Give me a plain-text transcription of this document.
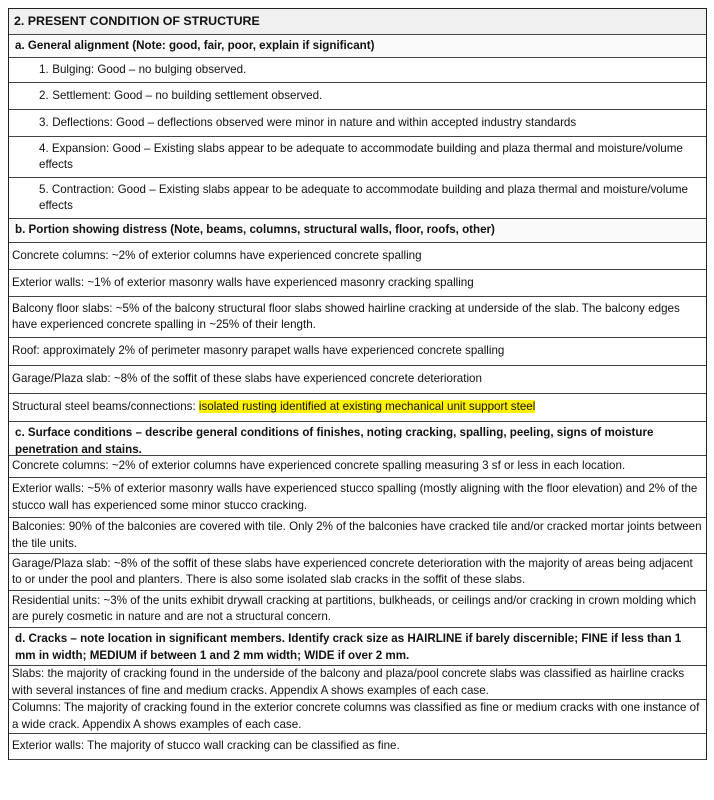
2. PRESENT CONDITION OF STRUCTURE
a. General alignment (Note: good, fair, poor, explain if significant)
1. Bulging: Good – no bulging observed.
2. Settlement: Good – no building settlement observed.
3. Deflections: Good – deflections observed were minor in nature and within accepted industry standards
4. Expansion: Good – Existing slabs appear to be adequate to accommodate building and plaza thermal and moisture/volume effects
5. Contraction: Good – Existing slabs appear to be adequate to accommodate building and plaza thermal and moisture/volume effects
b. Portion showing distress (Note, beams, columns, structural walls, floor, roofs, other)
Concrete columns: ~2% of exterior columns have experienced concrete spalling
Exterior walls: ~1% of exterior masonry walls have experienced masonry cracking spalling
Balcony floor slabs: ~5% of the balcony structural floor slabs showed hairline cracking at underside of the slab. The balcony edges have experienced concrete spalling in ~25% of their length.
Roof: approximately 2% of perimeter masonry parapet walls have experienced concrete spalling
Garage/Plaza slab: ~8% of the soffit of these slabs have experienced concrete deterioration
Structural steel beams/connections: isolated rusting identified at existing mechanical unit support steel
c. Surface conditions – describe general conditions of finishes, noting cracking, spalling, peeling, signs of moisture penetration and stains.
Concrete columns: ~2% of exterior columns have experienced concrete spalling measuring 3 sf or less in each location.
Exterior walls: ~5% of exterior masonry walls have experienced stucco spalling (mostly aligning with the floor elevation) and 2% of the stucco wall has experienced some minor stucco cracking.
Balconies: 90% of the balconies are covered with tile. Only 2% of the balconies have cracked tile and/or cracked mortar joints between the tile units.
Garage/Plaza slab: ~8% of the soffit of these slabs have experienced concrete deterioration with the majority of areas being adjacent to or under the pool and planters. There is also some isolated slab cracks in the soffit of these slabs.
Residential units: ~3% of the units exhibit drywall cracking at partitions, bulkheads, or ceilings and/or cracking in crown molding which are purely cosmetic in nature and are not a structural concern.
d. Cracks – note location in significant members. Identify crack size as HAIRLINE if barely discernible; FINE if less than 1 mm in width; MEDIUM if between 1 and 2 mm width; WIDE if over 2 mm.
Slabs: the majority of cracking found in the underside of the balcony and plaza/pool concrete slabs was classified as hairline cracks with several instances of fine and medium cracks. Appendix A shows examples of each case.
Columns: The majority of cracking found in the exterior concrete columns was classified as fine or medium cracks with one instance of a wide crack. Appendix A shows examples of each case.
Exterior walls: The majority of stucco wall cracking can be classified as fine.
